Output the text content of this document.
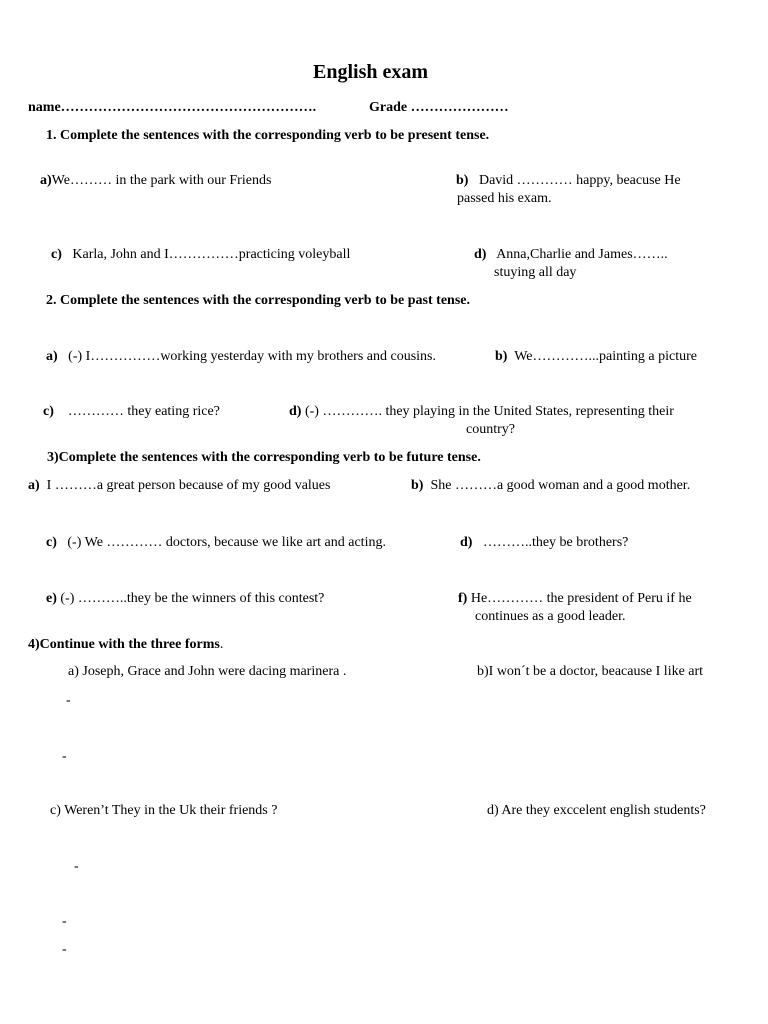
English exam
name……………………………………………….	Grade …………………
1. Complete the sentences with the corresponding verb to be present tense.
a)We……… in the park with our Friends	b) David ………… happy, beacuse He
passed his exam.
c) Karla, John and I……………practicing voleyball	d) Anna,Charlie and James……..
stuying all day
2. Complete the sentences with the corresponding verb to be past tense.
a) (-) I……………working yesterday with my brothers and cousins.	b) We…………...painting a picture
c) ………… they eating rice?	d) (-) …………. they playing in the United States, representing their
country?
3)Complete the sentences with the corresponding verb to be future tense.
a) I ………a great person because of my good values	b) She ………a good woman and a good mother.
c) (-) We ………… doctors, because we like art and acting.	d) ………..they be brothers?
e) (-) ………..they be the winners of this contest?	f) He………… the president of Peru if he
continues as a good leader.
4)Continue with the three forms.
a) Joseph, Grace and John were dacing marinera .	b)I won´t be a doctor, beacause I like art
-
-
c) Weren’t They in the Uk their friends ?	d) Are they exccelent english students?
-
-
-
